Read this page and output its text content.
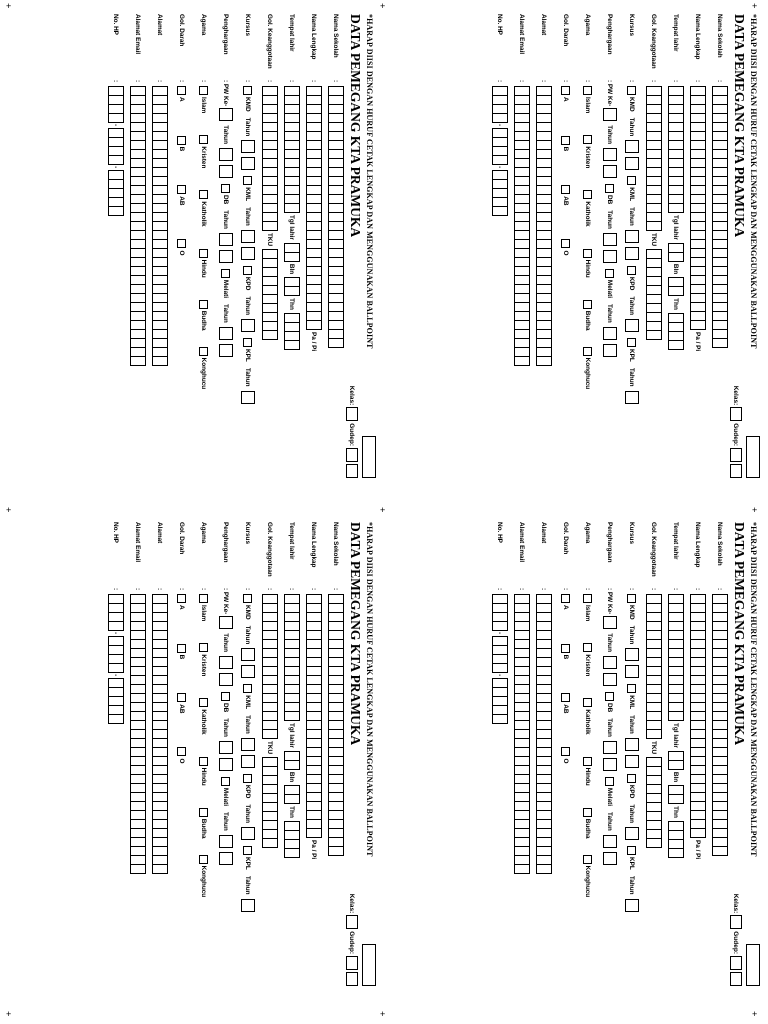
*HARAP DIISI DENGAN HURUF CETAK LENGKAP DAN MENGGUNAKAN BALLPOINT
DATA PEMEGANG KTA PRAMUKA
Kelas:
Gudep:
Nama Sekolah
:
Nama Lengkap
:
Pa / Pi
Tempat lahir
:
Tgl lahir
Bln
Thn
Gol. Keanggotaan
:
TKU
Kursus
:
KMD
Tahun
KML
Tahun
KPD
Tahun
KPL
Tahun
Penghargaan
: PW Ke-
Tahun
DB
Tahun
Melati
Tahun
Agama
:
Islam
Kristen
Katholik
Hindu
Budha
Konghucu
Gol. Darah
:
A
B
AB
O
Alamat
:
Alamat Email
:
No. HP
:
-
-
*HARAP DIISI DENGAN HURUF CETAK LENGKAP DAN MENGGUNAKAN BALLPOINT
DATA PEMEGANG KTA PRAMUKA
Kelas:
Gudep:
Nama Sekolah
:
Nama Lengkap
:
Pa / Pi
Tempat lahir
:
Tgl lahir
Bln
Thn
Gol. Keanggotaan
:
TKU
Kursus
:
KMD
Tahun
KML
Tahun
KPD
Tahun
KPL
Tahun
Penghargaan
: PW Ke-
Tahun
DB
Tahun
Melati
Tahun
Agama
:
Islam
Kristen
Katholik
Hindu
Budha
Konghucu
Gol. Darah
:
A
B
AB
O
Alamat
:
Alamat Email
:
No. HP
:
-
-
*HARAP DIISI DENGAN HURUF CETAK LENGKAP DAN MENGGUNAKAN BALLPOINT
DATA PEMEGANG KTA PRAMUKA
Kelas:
Gudep:
Nama Sekolah
:
Nama Lengkap
:
Pa / Pi
Tempat lahir
:
Tgl lahir
Bln
Thn
Gol. Keanggotaan
:
TKU
Kursus
:
KMD
Tahun
KML
Tahun
KPD
Tahun
KPL
Tahun
Penghargaan
: PW Ke-
Tahun
DB
Tahun
Melati
Tahun
Agama
:
Islam
Kristen
Katholik
Hindu
Budha
Konghucu
Gol. Darah
:
A
B
AB
O
Alamat
:
Alamat Email
:
No. HP
:
-
-
*HARAP DIISI DENGAN HURUF CETAK LENGKAP DAN MENGGUNAKAN BALLPOINT
DATA PEMEGANG KTA PRAMUKA
Kelas:
Gudep:
Nama Sekolah
:
Nama Lengkap
:
Pa / Pi
Tempat lahir
:
Tgl lahir
Bln
Thn
Gol. Keanggotaan
:
TKU
Kursus
:
KMD
Tahun
KML
Tahun
KPD
Tahun
KPL
Tahun
Penghargaan
: PW Ke-
Tahun
DB
Tahun
Melati
Tahun
Agama
:
Islam
Kristen
Katholik
Hindu
Budha
Konghucu
Gol. Darah
:
A
B
AB
O
Alamat
:
Alamat Email
:
No. HP
:
-
-
+	+
+	+
+
+
+	+
+
